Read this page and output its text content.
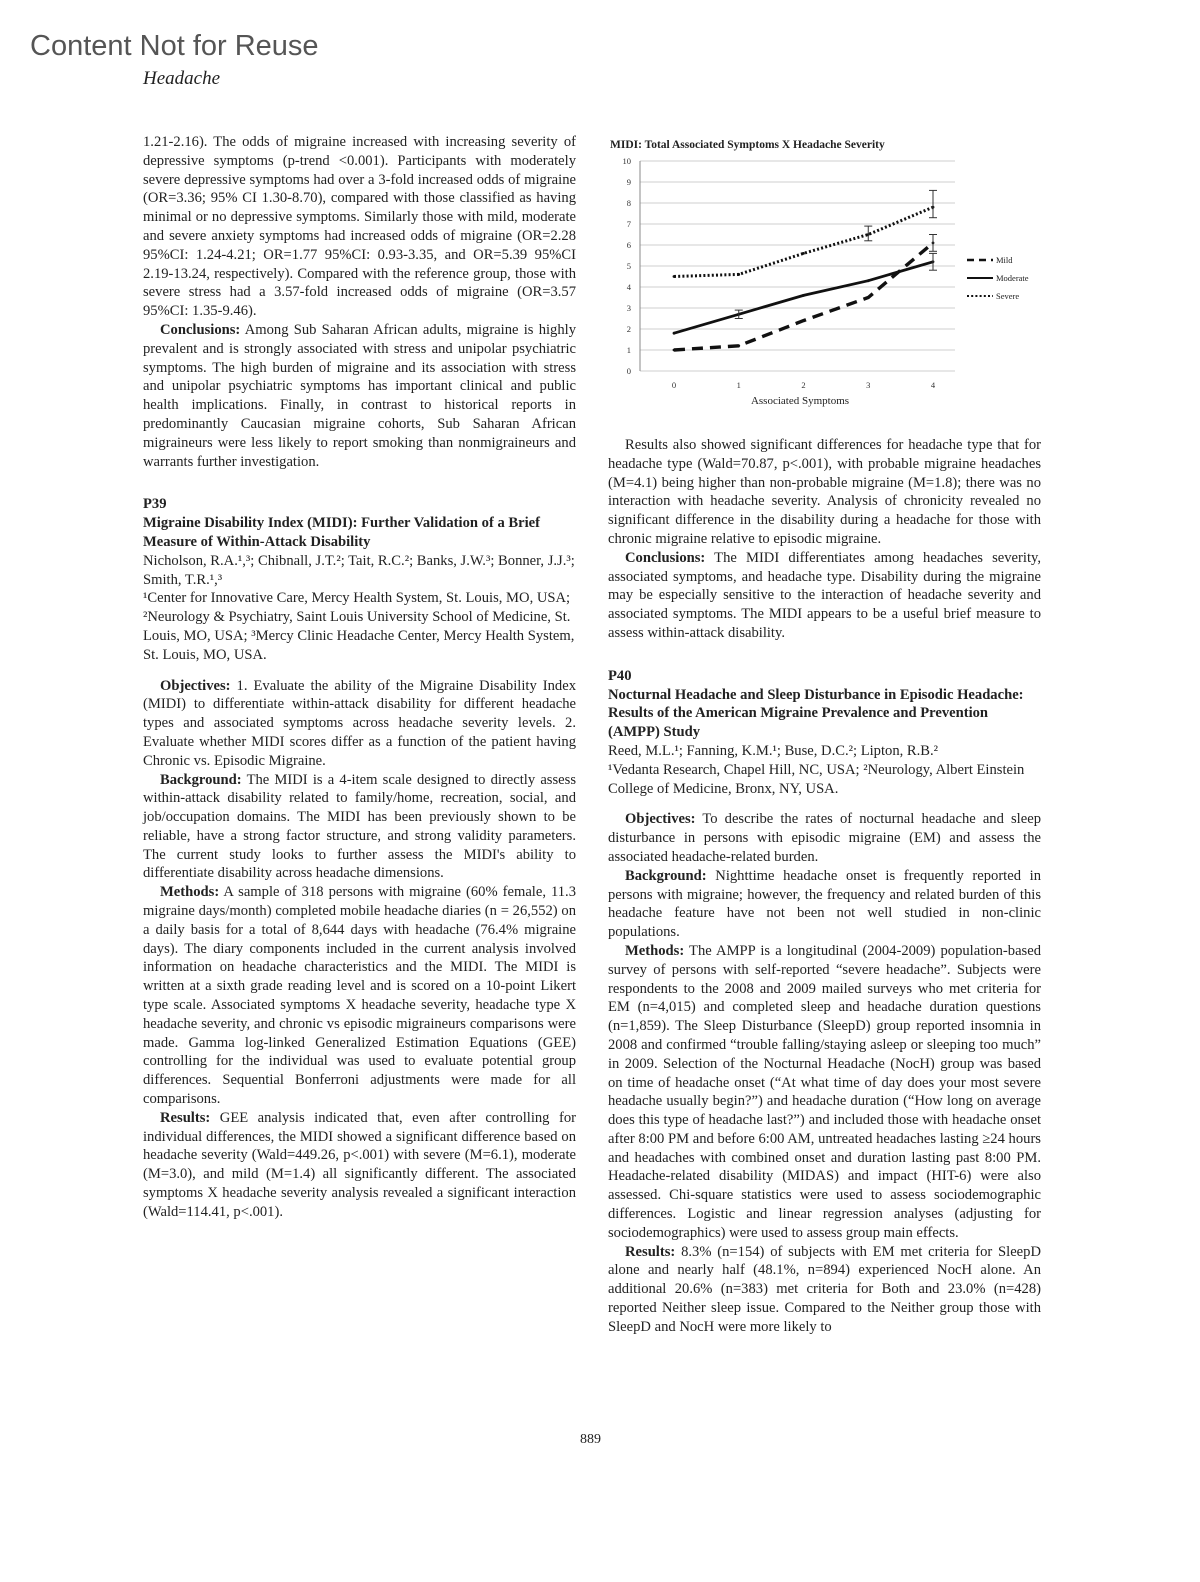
Content Not for Reuse
Headache

1.21-2.16). The odds of migraine increased with increasing severity of depressive symptoms (p-trend <0.001). Participants with moderately severe depressive symptoms had over a 3-fold increased odds of migraine (OR=3.36; 95% CI 1.30-8.70), compared with those classified as having minimal or no depressive symptoms. Similarly those with mild, moderate and severe anxiety symptoms had increased odds of migraine (OR=2.28 95%CI: 1.24-4.21; OR=1.77 95%CI: 0.93-3.35, and OR=5.39 95%CI 2.19-13.24, respectively). Compared with the reference group, those with severe stress had a 3.57-fold increased odds of migraine (OR=3.57 95%CI: 1.35-9.46).

Conclusions: Among Sub Saharan African adults, migraine is highly prevalent and is strongly associated with stress and unipolar psychiatric symptoms. The high burden of migraine and its association with stress and unipolar psychiatric symptoms has important clinical and public health implications. Finally, in contrast to historical reports in predominantly Caucasian migraine cohorts, Sub Saharan African migraineurs were less likely to report smoking than nonmigraineurs and warrants further investigation.

P39

Migraine Disability Index (MIDI): Further Validation of a Brief Measure of Within-Attack Disability

Nicholson, R.A.¹,³; Chibnall, J.T.²; Tait, R.C.²; Banks, J.W.³; Bonner, J.J.³; Smith, T.R.¹,³

¹Center for Innovative Care, Mercy Health System, St. Louis, MO, USA; ²Neurology & Psychiatry, Saint Louis University School of Medicine, St. Louis, MO, USA; ³Mercy Clinic Headache Center, Mercy Health System, St. Louis, MO, USA.

Objectives: 1. Evaluate the ability of the Migraine Disability Index (MIDI) to differentiate within-attack disability for different headache types and associated symptoms across headache severity levels. 2. Evaluate whether MIDI scores differ as a function of the patient having Chronic vs. Episodic Migraine.

Background: The MIDI is a 4-item scale designed to directly assess within-attack disability related to family/home, recreation, social, and job/occupation domains. The MIDI has been previously shown to be reliable, have a strong factor structure, and strong validity parameters. The current study looks to further assess the MIDI's ability to differentiate disability across headache dimensions.

Methods: A sample of 318 persons with migraine (60% female, 11.3 migraine days/month) completed mobile headache diaries (n = 26,552) on a daily basis for a total of 8,644 days with headache (76.4% migraine days). The diary components included in the current analysis involved information on headache characteristics and the MIDI. The MIDI is written at a sixth grade reading level and is scored on a 10-point Likert type scale. Associated symptoms X headache severity, headache type X headache severity, and chronic vs episodic migraineurs comparisons were made. Gamma log-linked Generalized Estimation Equations (GEE) controlling for the individual was used to evaluate potential group differences. Sequential Bonferroni adjustments were made for all comparisons.

Results: GEE analysis indicated that, even after controlling for individual differences, the MIDI showed a significant difference based on headache severity (Wald=449.26, p<.001) with severe (M=6.1), moderate (M=3.0), and mild (M=1.4) all significantly different. The associated symptoms X headache severity analysis revealed a significant interaction (Wald=114.41, p<.001).

MIDI: Total Associated Symptoms X Headache Severity
0
1
2
3
4
5
6
7
8
9
10
0	1	2	3	4
Associated Symptoms
Mild
Moderate
Severe

Results also showed significant differences for headache type that for headache type (Wald=70.87, p<.001), with probable migraine headaches (M=4.1) being higher than non-probable migraine (M=1.8); there was no interaction with headache severity. Analysis of chronicity revealed no significant difference in the disability during a headache for those with chronic migraine relative to episodic migraine.

Conclusions: The MIDI differentiates among headaches severity, associated symptoms, and headache type. Disability during the migraine may be especially sensitive to the interaction of headache severity and associated symptoms. The MIDI appears to be a useful brief measure to assess within-attack disability.

P40

Nocturnal Headache and Sleep Disturbance in Episodic Headache: Results of the American Migraine Prevalence and Prevention (AMPP) Study

Reed, M.L.¹; Fanning, K.M.¹; Buse, D.C.²; Lipton, R.B.²

¹Vedanta Research, Chapel Hill, NC, USA; ²Neurology, Albert Einstein College of Medicine, Bronx, NY, USA.

Objectives: To describe the rates of nocturnal headache and sleep disturbance in persons with episodic migraine (EM) and assess the associated headache-related burden.

Background: Nighttime headache onset is frequently reported in persons with migraine; however, the frequency and related burden of this headache feature have not been not well studied in non-clinic populations.

Methods: The AMPP is a longitudinal (2004-2009) population-based survey of persons with self-reported “severe headache”. Subjects were respondents to the 2008 and 2009 mailed surveys who met criteria for EM (n=4,015) and completed sleep and headache duration questions (n=1,859). The Sleep Disturbance (SleepD) group reported insomnia in 2008 and confirmed “trouble falling/staying asleep or sleeping too much” in 2009. Selection of the Nocturnal Headache (NocH) group was based on time of headache onset (“At what time of day does your most severe headache usually begin?”) and headache duration (“How long on average does this type of headache last?”) and included those with headache onset after 8:00 PM and before 6:00 AM, untreated headaches lasting ≥24 hours and headaches with combined onset and duration lasting past 8:00 PM. Headache-related disability (MIDAS) and impact (HIT-6) were also assessed. Chi-square statistics were used to assess sociodemographic differences. Logistic and linear regression analyses (adjusting for sociodemographics) were used to assess group main effects.

Results: 8.3% (n=154) of subjects with EM met criteria for SleepD alone and nearly half (48.1%, n=894) experienced NocH alone. An additional 20.6% (n=383) met criteria for Both and 23.0% (n=428) reported Neither sleep issue. Compared to the Neither group those with SleepD and NocH were more likely to

889
